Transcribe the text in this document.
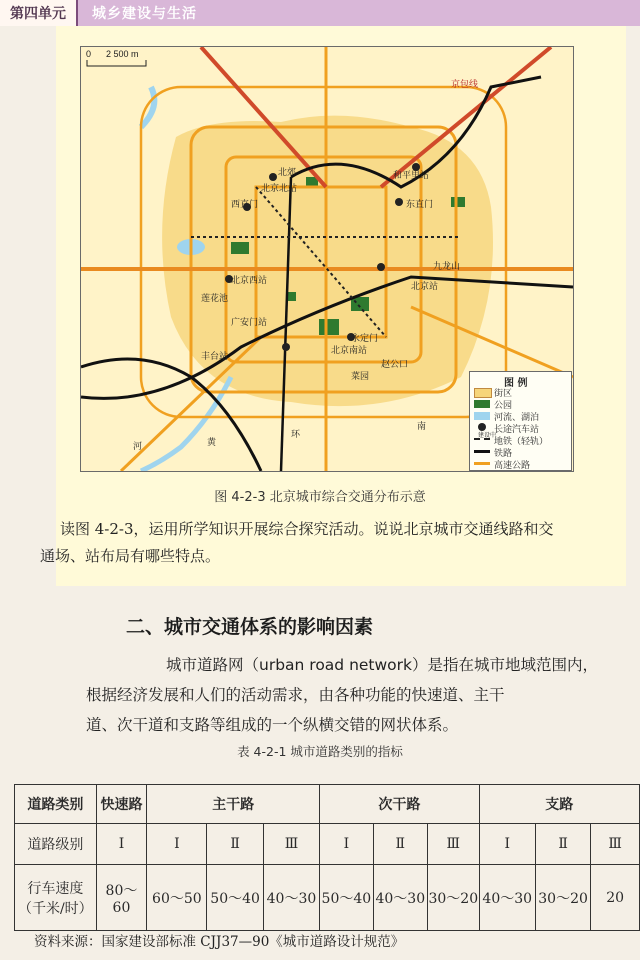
第四单元	城乡建设与生活
京包线
北郊
北京北站
和平里站
西直门	东直门
九龙山
北京西站
北京站
莲花池
广安门站
北京南站
永定门
丰台站
赵公口
菜园
黄
环
河
南
0 2 500 m
图 例
街区
公园
河流、湖泊
长途汽车站
建设中
地铁（轻轨）
铁路
高速公路
图 4-2-3 北京城市综合交通分布示意
读图 4-2-3，运用所学知识开展综合探究活动。说说北京城市交通线路和交
通场、站布局有哪些特点。
二、城市交通体系的影响因素
城市道路网（urban road network）是指在城市地域范围内，
根据经济发展和人们的活动需求，由各种功能的快速道、主干
道、次干道和支路等组成的一个纵横交错的网状体系。
表 4-2-1 城市道路类别的指标
道路类别	快速路	主干路			次干路			支路		
道路级别	Ⅰ	Ⅰ	Ⅱ	Ⅲ	Ⅰ	Ⅱ	Ⅲ	Ⅰ	Ⅱ	Ⅲ

行车速度
（千米/时）	80～60	60～50	50～40	40～30	50～40	40～30	30～20	40～30	30～20	20
资料来源：国家建设部标准 CJJ37—90《城市道路设计规范》
